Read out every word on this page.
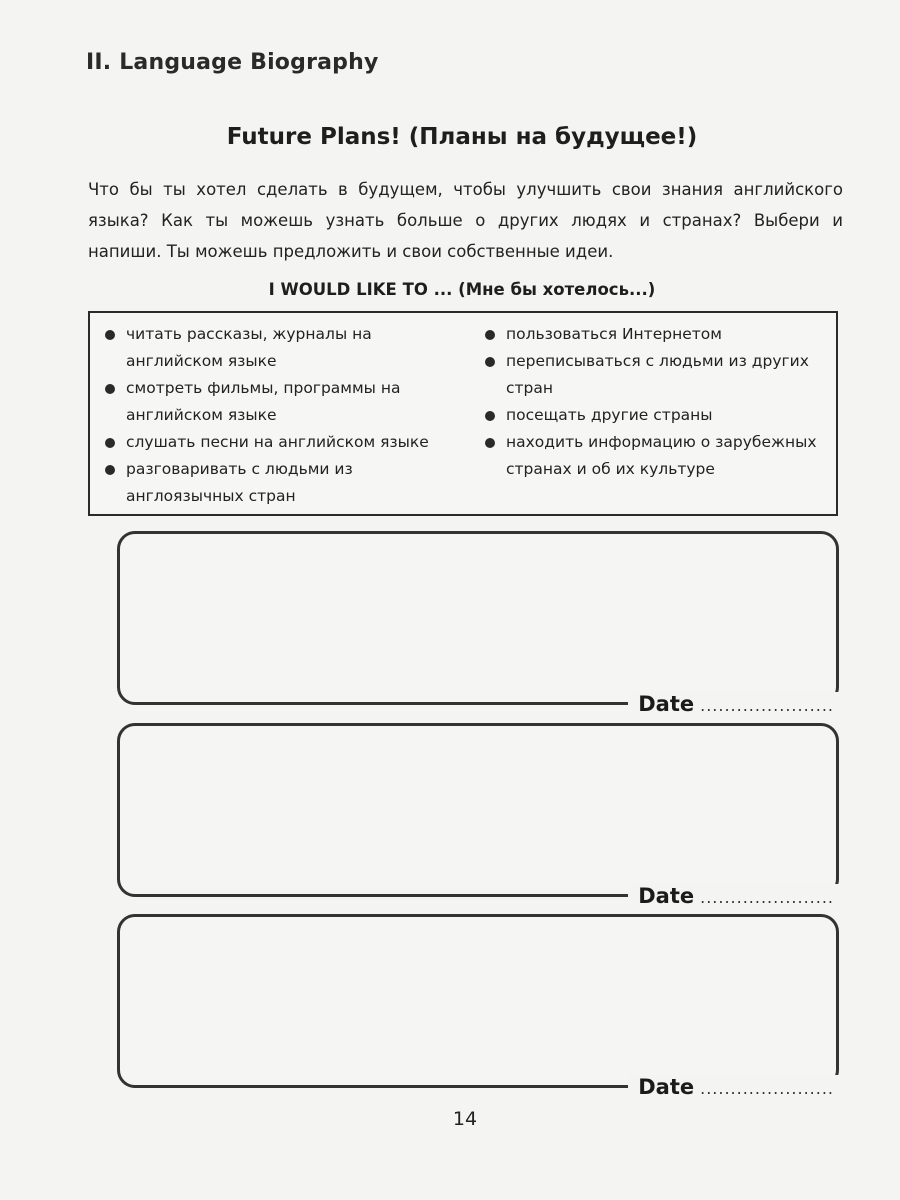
II. Language Biography
Future Plans! (Планы на будущее!)
Что бы ты хотел сделать в будущем, чтобы улучшить свои знания английского
языка? Как ты можешь узнать больше о других людях и странах? Выбери и
напиши. Ты можешь предложить и свои собственные идеи.
I WOULD LIKE TO ... (Мне бы хотелось...)
читать рассказы, журналы на
английском языке
смотреть фильмы, программы на
английском языке
слушать песни на английском языке
разговаривать с людьми из
англоязычных стран
пользоваться Интернетом
переписываться с людьми из других
стран
посещать другие страны
находить информацию о зарубежных
странах и об их культуре
Date ......................
Date ......................
Date ......................
14
